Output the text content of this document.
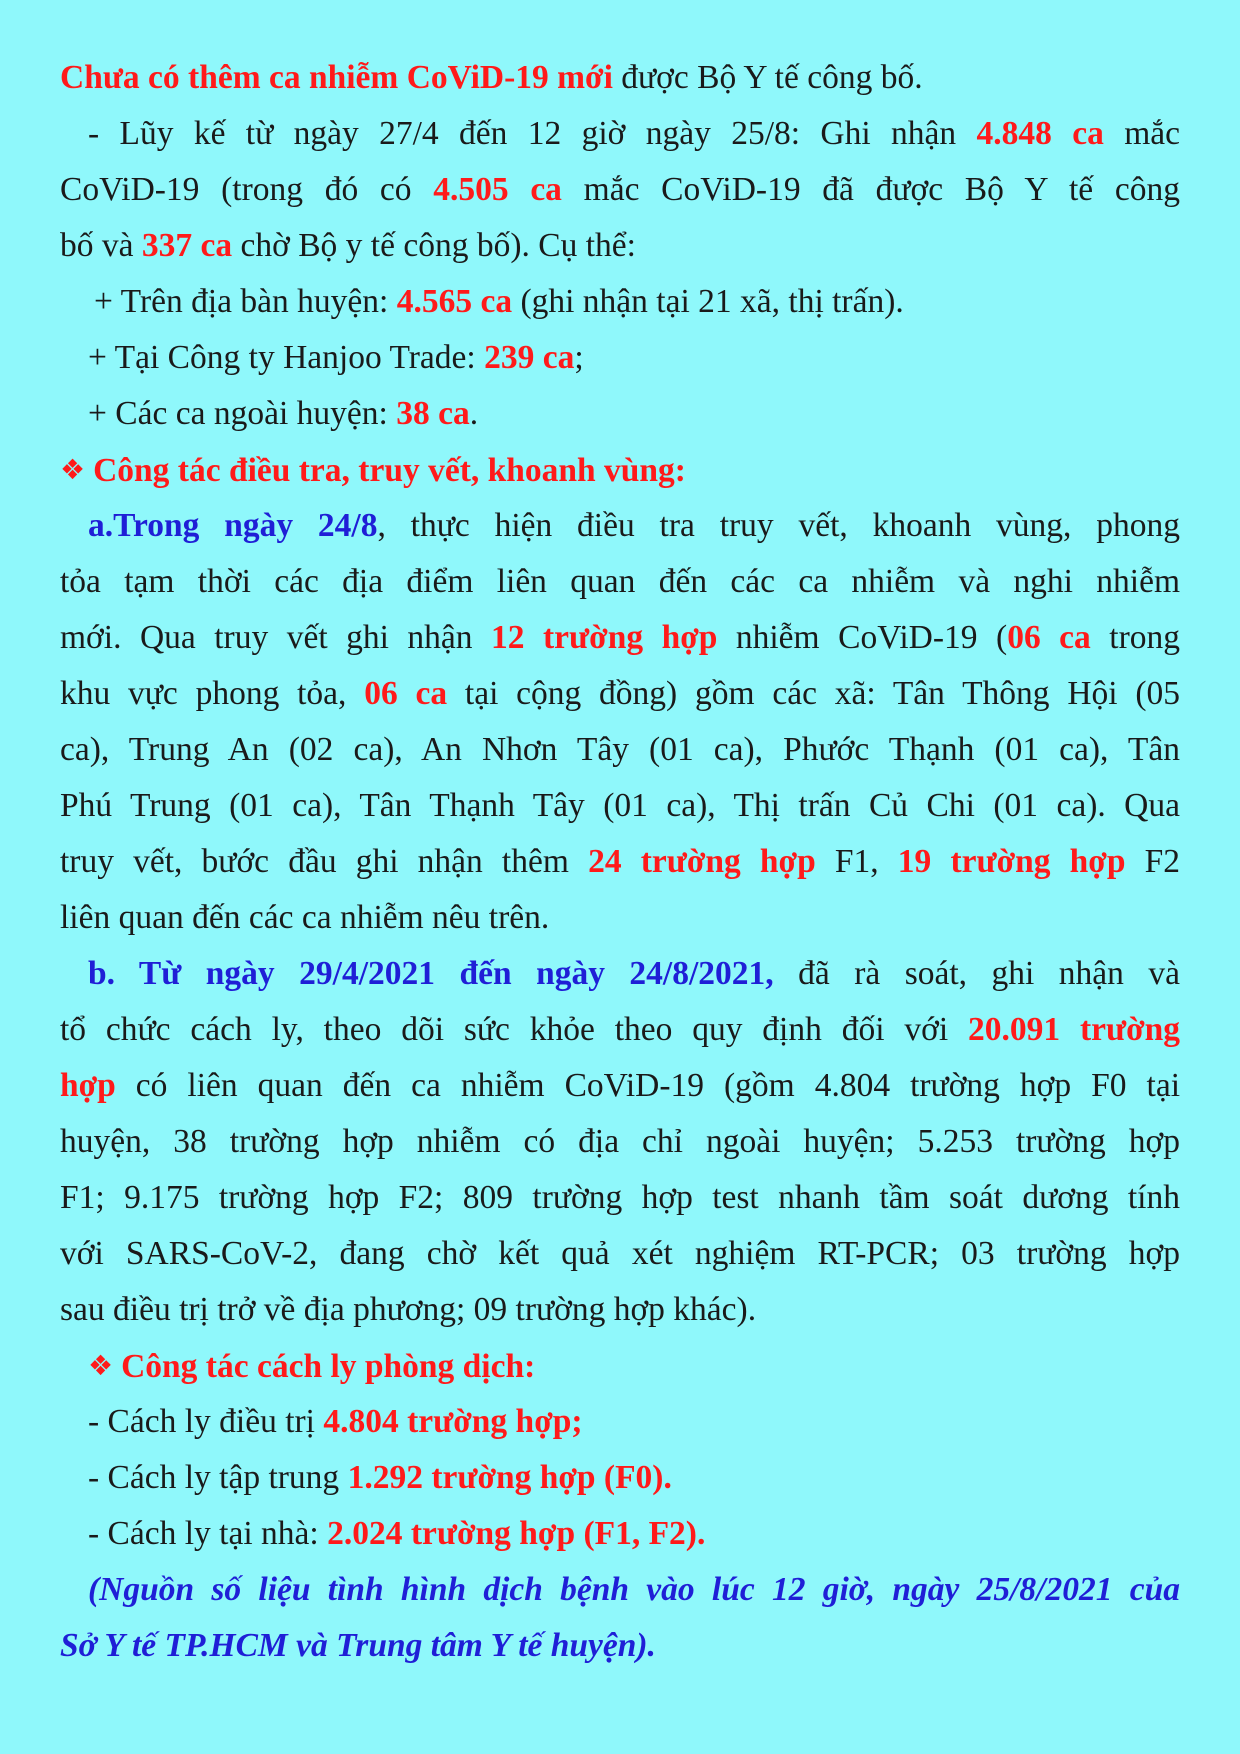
Chưa có thêm ca nhiễm CoViD-19 mới được Bộ Y tế công bố.
- Lũy kế từ ngày 27/4 đến 12 giờ ngày 25/8: Ghi nhận 4.848 ca mắc
CoViD-19 (trong đó có 4.505 ca mắc CoViD-19 đã được Bộ Y tế công
bố và 337 ca chờ Bộ y tế công bố). Cụ thể:
+ Trên địa bàn huyện: 4.565 ca (ghi nhận tại 21 xã, thị trấn).
+ Tại Công ty Hanjoo Trade: 239 ca;
+ Các ca ngoài huyện: 38 ca.
❖ Công tác điều tra, truy vết, khoanh vùng:
a.Trong ngày 24/8, thực hiện điều tra truy vết, khoanh vùng, phong
tỏa tạm thời các địa điểm liên quan đến các ca nhiễm và nghi nhiễm
mới. Qua truy vết ghi nhận 12 trường hợp nhiễm CoViD-19 (06 ca trong
khu vực phong tỏa, 06 ca tại cộng đồng) gồm các xã: Tân Thông Hội (05
ca), Trung An (02 ca), An Nhơn Tây (01 ca), Phước Thạnh (01 ca), Tân
Phú Trung (01 ca), Tân Thạnh Tây (01 ca), Thị trấn Củ Chi (01 ca). Qua
truy vết, bước đầu ghi nhận thêm 24 trường hợp F1, 19 trường hợp F2
liên quan đến các ca nhiễm nêu trên.
b. Từ ngày 29/4/2021 đến ngày 24/8/2021, đã rà soát, ghi nhận và
tổ chức cách ly, theo dõi sức khỏe theo quy định đối với 20.091 trường
hợp có liên quan đến ca nhiễm CoViD-19 (gồm 4.804 trường hợp F0 tại
huyện, 38 trường hợp nhiễm có địa chỉ ngoài huyện; 5.253 trường hợp
F1; 9.175 trường hợp F2; 809 trường hợp test nhanh tầm soát dương tính
với SARS-CoV-2, đang chờ kết quả xét nghiệm RT-PCR; 03 trường hợp
sau điều trị trở về địa phương; 09 trường hợp khác).
❖ Công tác cách ly phòng dịch:
- Cách ly điều trị 4.804 trường hợp;
- Cách ly tập trung 1.292 trường hợp (F0).
- Cách ly tại nhà: 2.024 trường hợp (F1, F2).
(Nguồn số liệu tình hình dịch bệnh vào lúc 12 giờ, ngày 25/8/2021 của
Sở Y tế TP.HCM và Trung tâm Y tế huyện).
